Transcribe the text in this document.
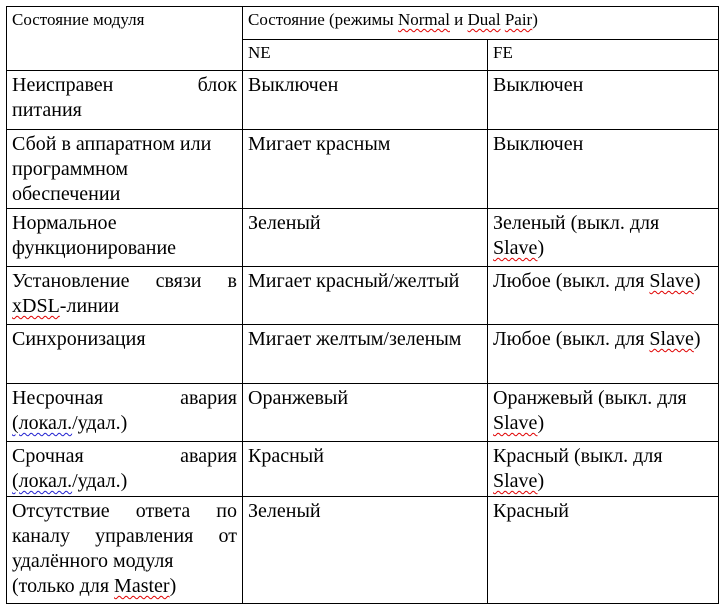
Состояние модуля	Состояние (режимы Normal и Dual Pair)	
	NE	FE

Неисправен блок
питания	Выключен	Выключен
Сбой в аппаратном или программном обеспечении	Мигает красным	Выключен
Нормальное функционирование	Зеленый	Зеленый (выкл. для Slave)

Установление связи в
xDSL-линии	Мигает красный/желтый	Любое (выкл. для Slave)
Синхронизация	Мигает желтым/зеленым	Любое (выкл. для Slave)

Несрочная авария
(локал./удал.)	Оранжевый	Оранжевый (выкл. для Slave)

Срочная авария
(локал./удал.)	Красный	Красный (выкл. для Slave)

Отсутствие ответа по
каналу управления от
удалённого модуля
(только для Master)	Зеленый	Красный
